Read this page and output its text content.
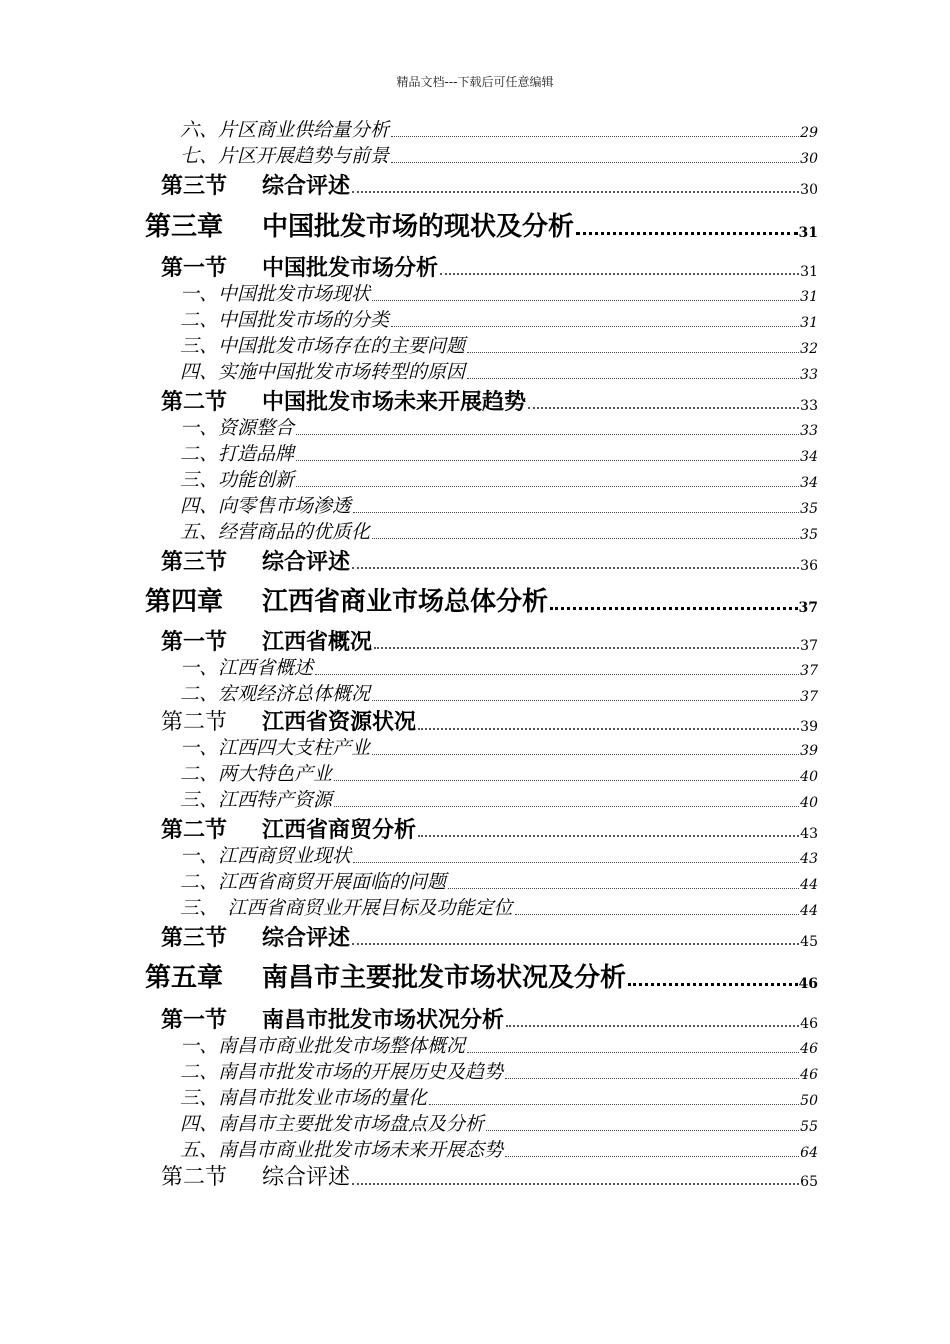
精品文档---下载后可任意编辑
六、片区商业供给量分析	29
七、片区开展趋势与前景	30
第三节 综合评述	30
第三章 中国批发市场的现状及分析	31
第一节 中国批发市场分析	31
一、中国批发市场现状	31
二、中国批发市场的分类	31
三、中国批发市场存在的主要问题	32
四、实施中国批发市场转型的原因	33
第二节 中国批发市场未来开展趋势	33
一、资源整合	33
二、打造品牌	34
三、功能创新	34
四、向零售市场渗透	35
五、经营商品的优质化	35
第三节 综合评述	36
第四章 江西省商业市场总体分析	37
第一节 江西省概况	37
一、江西省概述	37
二、宏观经济总体概况	37
第二节 江西省资源状况	39
一、江西四大支柱产业	39
二、两大特色产业	40
三、江西特产资源	40
第二节 江西省商贸分析	43
一、江西商贸业现状	43
二、江西省商贸开展面临的问题	44
三、　江西省商贸业开展目标及功能定位	44
第三节 综合评述	45
第五章 南昌市主要批发市场状况及分析	46
第一节 南昌市批发市场状况分析	46
一、南昌市商业批发市场整体概况	46
二、南昌市批发市场的开展历史及趋势	46
三、南昌市批发业市场的量化	50
四、南昌市主要批发市场盘点及分析	55
五、南昌市商业批发市场未来开展态势	64
第二节 综合评述	65
